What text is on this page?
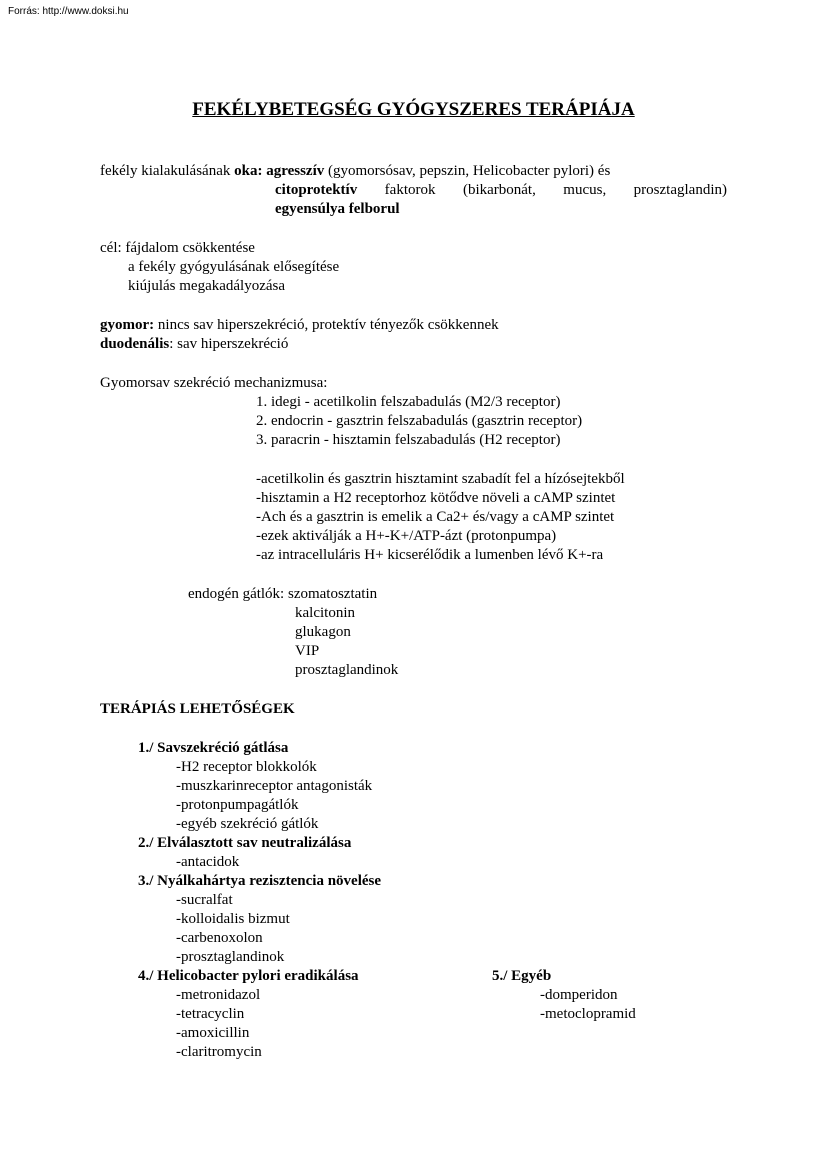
Forrás: http://www.doksi.hu
FEKÉLYBETEGSÉG GYÓGYSZERES TERÁPIÁJA
fekély kialakulásának oka: agresszív (gyomorsósav, pepszin, Helicobacter pylori) és
citoprotektív faktorok (bikarbonát, mucus, prosztaglandin)
egyensúlya felborul
cél: fájdalom csökkentése
a fekély gyógyulásának elősegítése
kiújulás megakadályozása
gyomor: nincs sav hiperszekréció, protektív tényezők csökkennek
duodenális: sav hiperszekréció
Gyomorsav szekréció mechanizmusa:
1. idegi - acetilkolin felszabadulás (M2/3 receptor)
2. endocrin - gasztrin felszabadulás (gasztrin receptor)
3. paracrin - hisztamin felszabadulás (H2 receptor)
-acetilkolin és gasztrin hisztamint szabadít fel a hízósejtekből
-hisztamin a H2 receptorhoz kötődve növeli a cAMP szintet
-Ach és a gasztrin is emelik a Ca2+ és/vagy a cAMP szintet
-ezek aktiválják a H+-K+/ATP-ázt (protonpumpa)
-az intracelluláris H+ kicserélődik a lumenben lévő K+-ra
endogén gátlók: szomatosztatin
kalcitonin
glukagon
VIP
prosztaglandinok
TERÁPIÁS LEHETŐSÉGEK
1./ Savszekréció gátlása
-H2 receptor blokkolók
-muszkarinreceptor antagonisták
-protonpumpagátlók
-egyéb szekréció gátlók
2./ Elválasztott sav neutralizálása
-antacidok
3./ Nyálkahártya rezisztencia növelése
-sucralfat
-kolloidalis bizmut
-carbenoxolon
-prosztaglandinok
4./ Helicobacter pylori eradikálása
-metronidazol
-tetracyclin
-amoxicillin
-claritromycin
5./ Egyéb
-domperidon
-metoclopramid
